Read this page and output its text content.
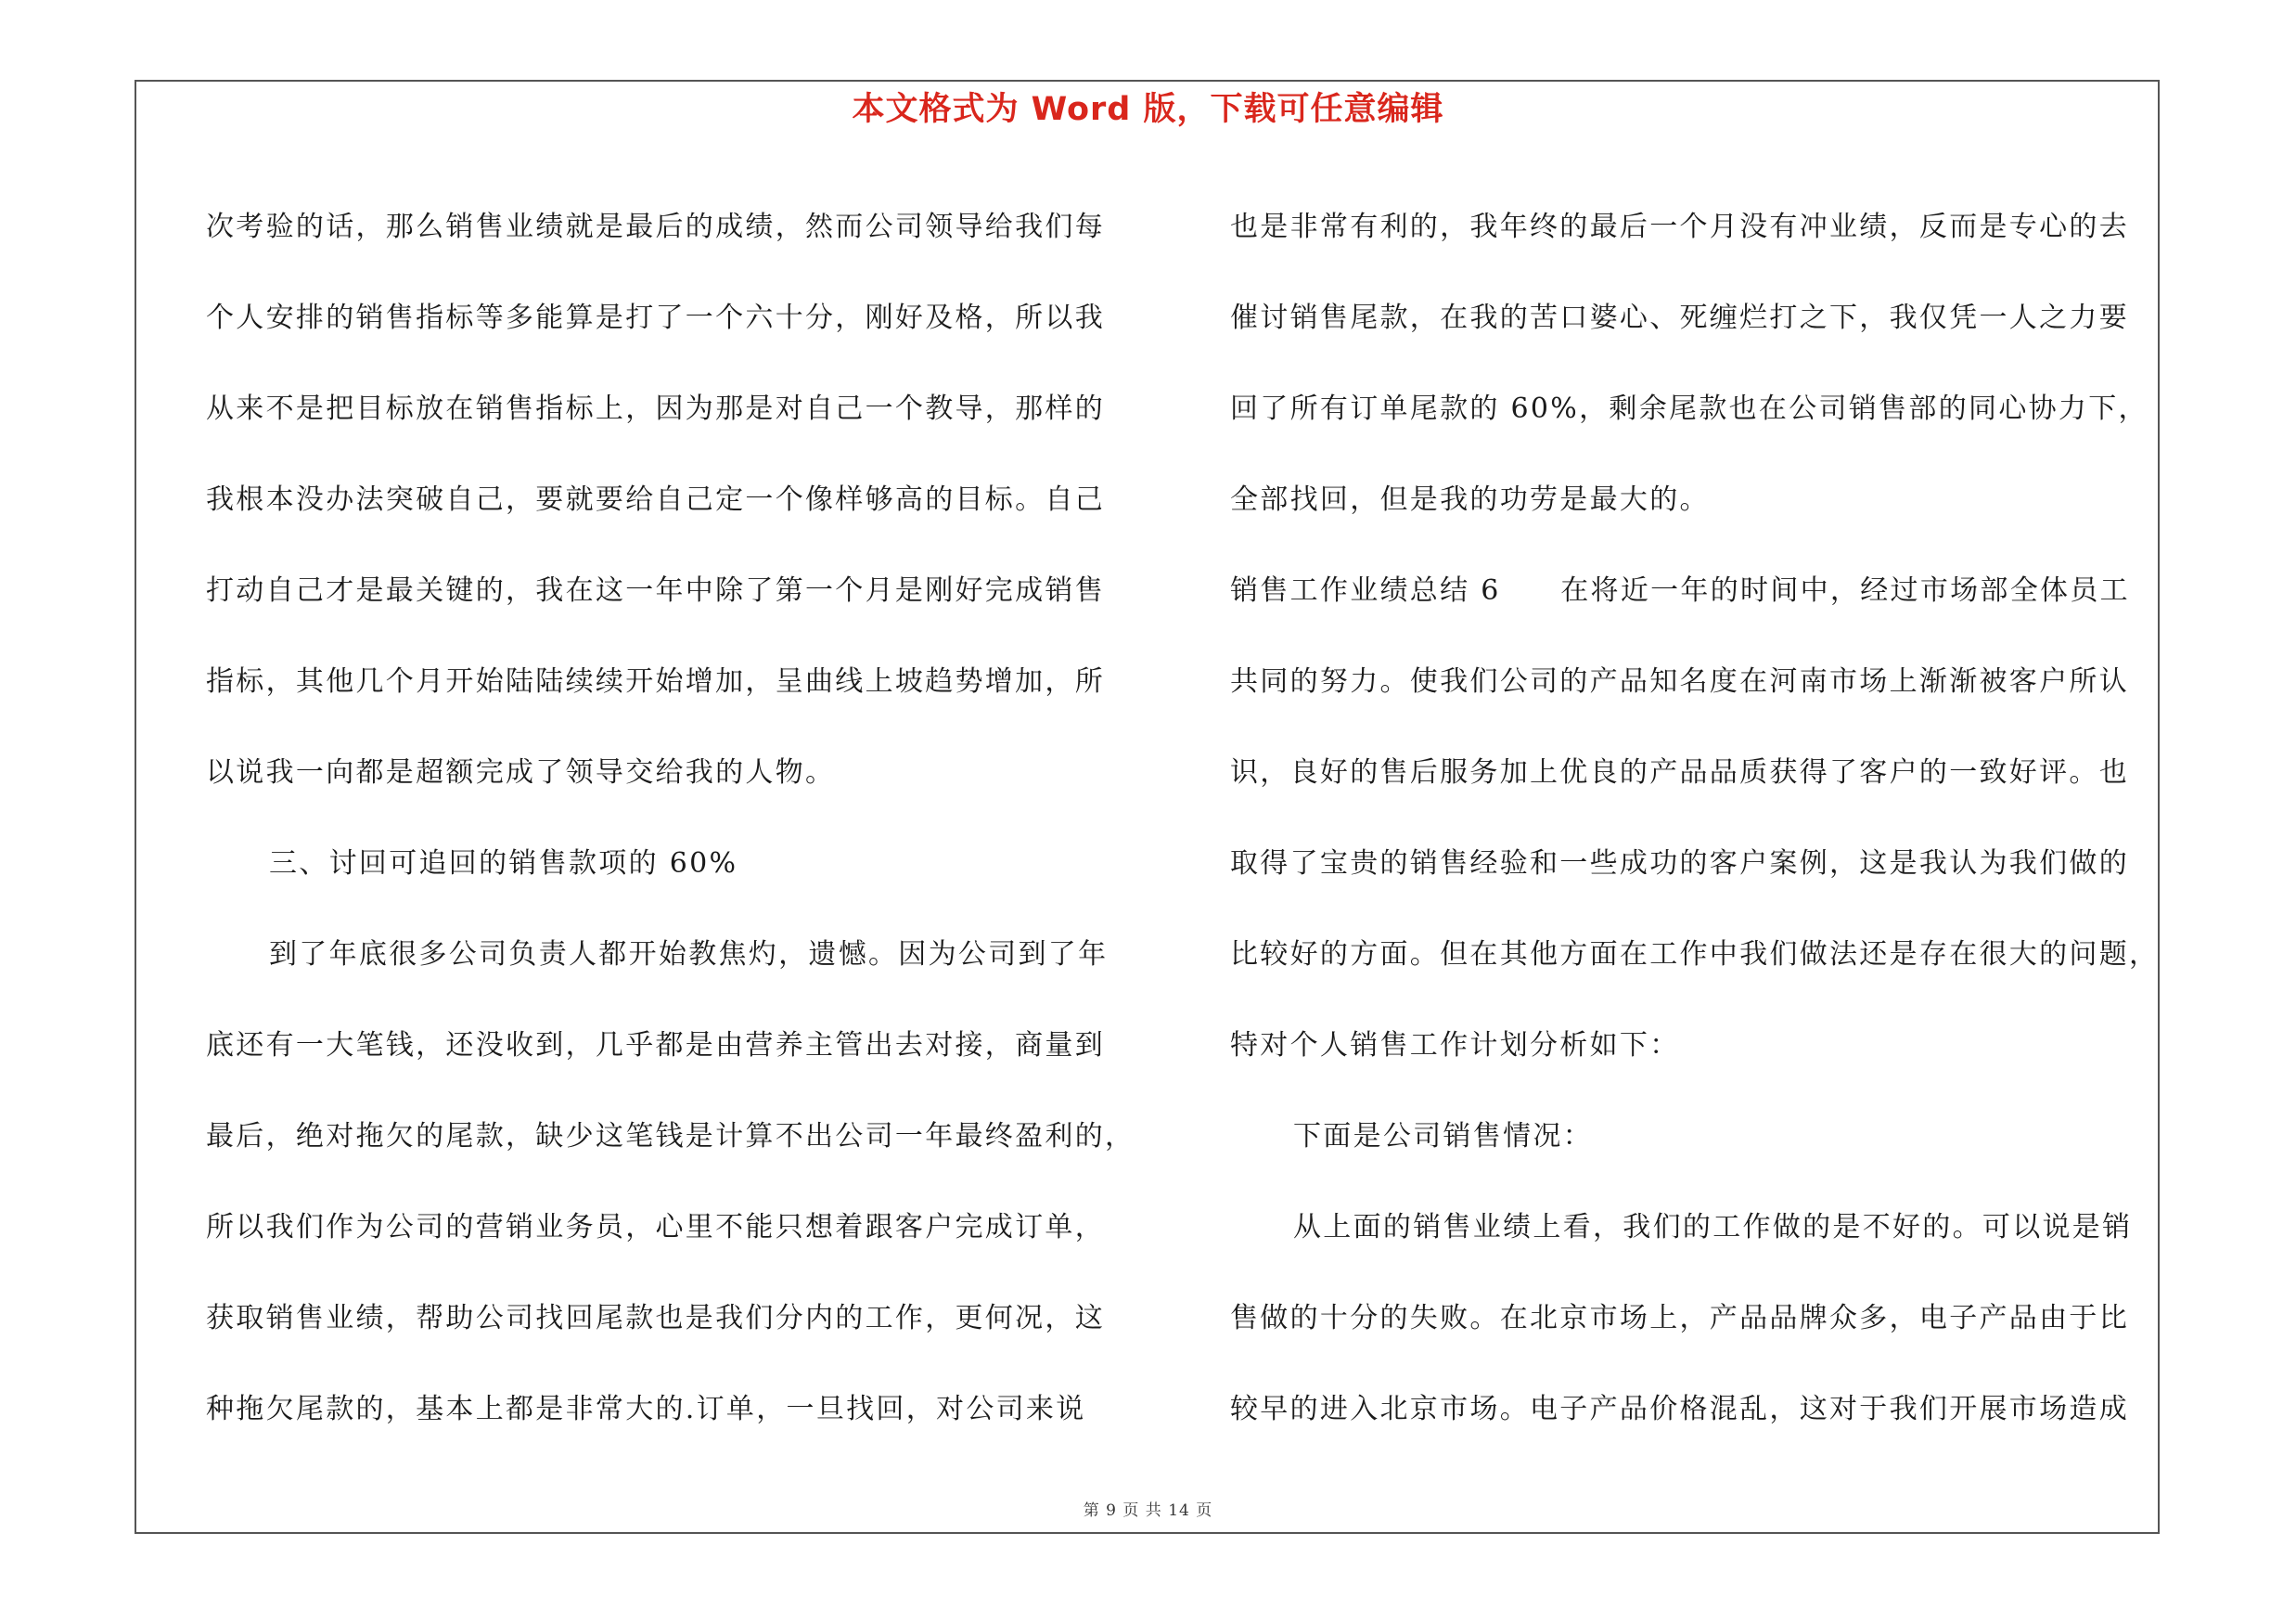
本文格式为 Word 版，下载可任意编辑
次考验的话，那么销售业绩就是最后的成绩，然而公司领导给我们每
个人安排的销售指标等多能算是打了一个六十分，刚好及格，所以我
从来不是把目标放在销售指标上，因为那是对自己一个教导，那样的
我根本没办法突破自己，要就要给自己定一个像样够高的目标。自己
打动自己才是最关键的，我在这一年中除了第一个月是刚好完成销售
指标，其他几个月开始陆陆续续开始增加，呈曲线上坡趋势增加，所
以说我一向都是超额完成了领导交给我的人物。
三、讨回可追回的销售款项的 60%
到了年底很多公司负责人都开始教焦灼，遗憾。因为公司到了年
底还有一大笔钱，还没收到，几乎都是由营养主管出去对接，商量到
最后，绝对拖欠的尾款，缺少这笔钱是计算不出公司一年最终盈利的，
所以我们作为公司的营销业务员，心里不能只想着跟客户完成订单，
获取销售业绩，帮助公司找回尾款也是我们分内的工作，更何况，这
种拖欠尾款的，基本上都是非常大的.订单，一旦找回，对公司来说
也是非常有利的，我年终的最后一个月没有冲业绩，反而是专心的去
催讨销售尾款，在我的苦口婆心、死缠烂打之下，我仅凭一人之力要
回了所有订单尾款的 60%，剩余尾款也在公司销售部的同心协力下，
全部找回，但是我的功劳是最大的。
销售工作业绩总结 6　　在将近一年的时间中，经过市场部全体员工
共同的努力。使我们公司的产品知名度在河南市场上渐渐被客户所认
识，良好的售后服务加上优良的产品品质获得了客户的一致好评。也
取得了宝贵的销售经验和一些成功的客户案例，这是我认为我们做的
比较好的方面。但在其他方面在工作中我们做法还是存在很大的问题，
特对个人销售工作计划分析如下：
下面是公司销售情况：
从上面的销售业绩上看，我们的工作做的是不好的。可以说是销
售做的十分的失败。在北京市场上，产品品牌众多，电子产品由于比
较早的进入北京市场。电子产品价格混乱，这对于我们开展市场造成
第 9 页 共 14 页
